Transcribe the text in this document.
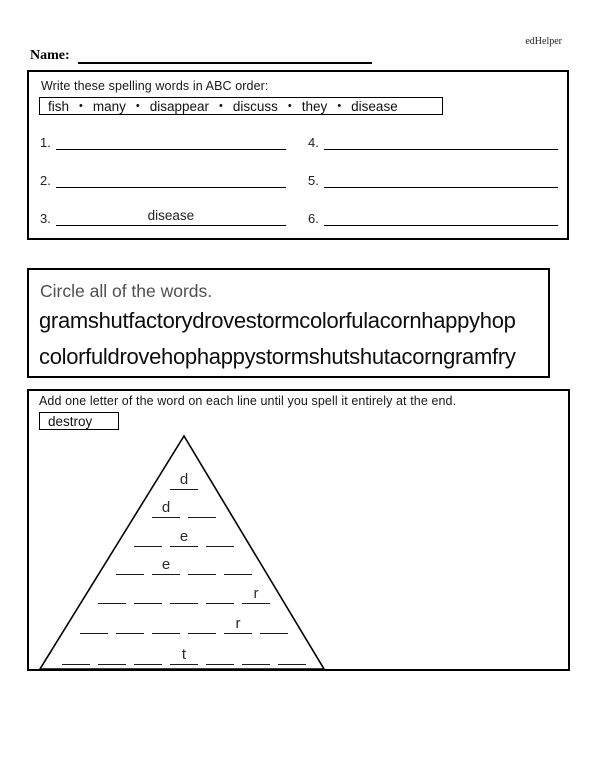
edHelper
Name:
Write these spelling words in ABC order:
fish • many • disappear • discuss • they • disease
1.
2.
3.	disease
4.
5.
6.
Circle all of the words.
gramshutfactorydrovestormcolorfulacornhappyhop
colorfuldrovehophappystormshutshutacorngramfry
Add one letter of the word on each line until you spell it entirely at the end.
destroy
d
d
e
e
r
r
t
